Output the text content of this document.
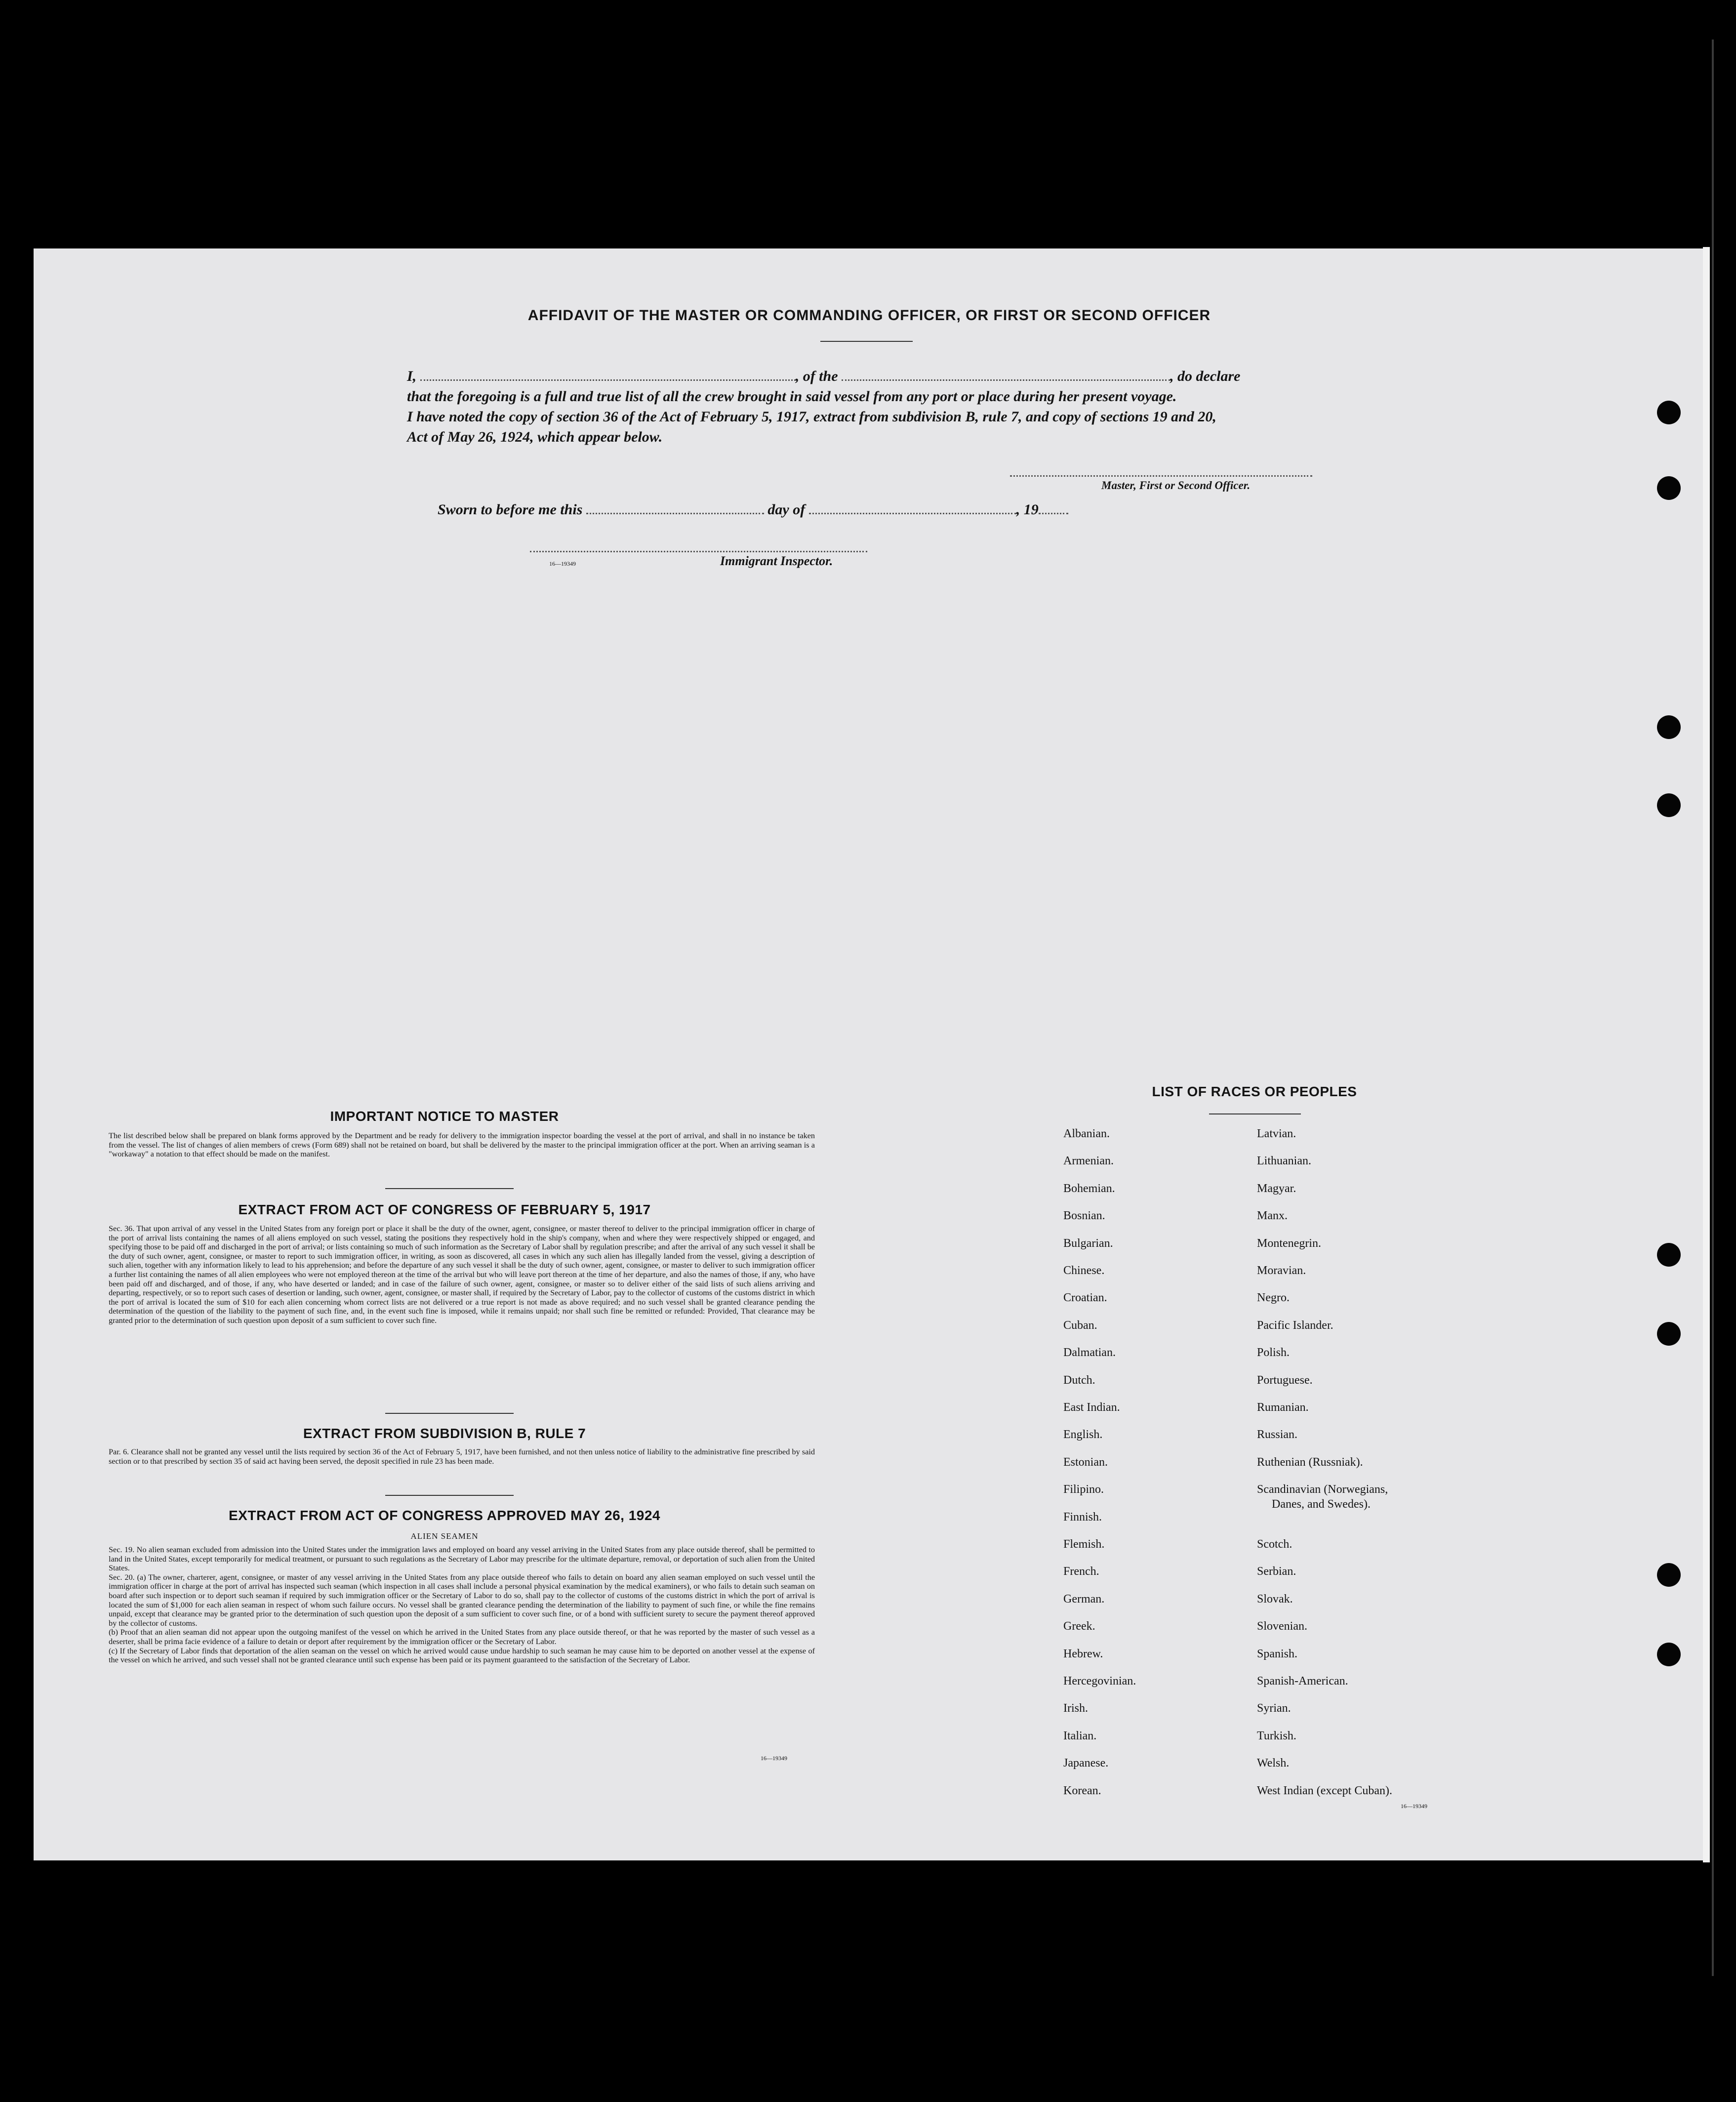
AFFIDAVIT OF THE MASTER OR COMMANDING OFFICER, OR FIRST OR SECOND OFFICER
I,	, of the	, do declare
that the foregoing is a full and true list of all the crew brought in said vessel from any port or place during her present voyage.
I have noted the copy of section 36 of the Act of February 5, 1917, extract from subdivision B, rule 7, and copy of sections 19 and 20,
Act of May 26, 1924, which appear below.
Master, First or Second Officer.
Sworn to before me this	day of	, 19
16—19349	Immigrant Inspector.
IMPORTANT NOTICE TO MASTER
The list described below shall be prepared on blank forms approved by the Department and be ready for delivery to the immigration inspector boarding the vessel at the port of arrival, and shall in no instance be taken from the vessel. The list of changes of alien members of crews (Form 689) shall not be retained on board, but shall be delivered by the master to the principal immigration officer at the port. When an arriving seaman is a "workaway" a notation to that effect should be made on the manifest.
EXTRACT FROM ACT OF CONGRESS OF FEBRUARY 5, 1917
Sec. 36. That upon arrival of any vessel in the United States from any foreign port or place it shall be the duty of the owner, agent, consignee, or master thereof to deliver to the principal immigration officer in charge of the port of arrival lists containing the names of all aliens employed on such vessel, stating the positions they respectively hold in the ship's company, when and where they were respectively shipped or engaged, and specifying those to be paid off and discharged in the port of arrival; or lists containing so much of such information as the Secretary of Labor shall by regulation prescribe; and after the arrival of any such vessel it shall be the duty of such owner, agent, consignee, or master to report to such immigration officer, in writing, as soon as discovered, all cases in which any such alien has illegally landed from the vessel, giving a description of such alien, together with any information likely to lead to his apprehension; and before the departure of any such vessel it shall be the duty of such owner, agent, consignee, or master to deliver to such immigration officer a further list containing the names of all alien employees who were not employed thereon at the time of the arrival but who will leave port thereon at the time of her departure, and also the names of those, if any, who have been paid off and discharged, and of those, if any, who have deserted or landed; and in case of the failure of such owner, agent, consignee, or master so to deliver either of the said lists of such aliens arriving and departing, respectively, or so to report such cases of desertion or landing, such owner, agent, consignee, or master shall, if required by the Secretary of Labor, pay to the collector of customs of the customs district in which the port of arrival is located the sum of $10 for each alien concerning whom correct lists are not delivered or a true report is not made as above required; and no such vessel shall be granted clearance pending the determination of the question of the liability to the payment of such fine, and, in the event such fine is imposed, while it remains unpaid; nor shall such fine be remitted or refunded: Provided, That clearance may be granted prior to the determination of such question upon deposit of a sum sufficient to cover such fine.
EXTRACT FROM SUBDIVISION B, RULE 7
Par. 6. Clearance shall not be granted any vessel until the lists required by section 36 of the Act of February 5, 1917, have been furnished, and not then unless notice of liability to the administrative fine prescribed by said section or to that prescribed by section 35 of said act having been served, the deposit specified in rule 23 has been made.
EXTRACT FROM ACT OF CONGRESS APPROVED MAY 26, 1924
ALIEN SEAMEN
Sec. 19. No alien seaman excluded from admission into the United States under the immigration laws and employed on board any vessel arriving in the United States from any place outside thereof, shall be permitted to land in the United States, except temporarily for medical treatment, or pursuant to such regulations as the Secretary of Labor may prescribe for the ultimate departure, removal, or deportation of such alien from the United States.
Sec. 20. (a) The owner, charterer, agent, consignee, or master of any vessel arriving in the United States from any place outside thereof who fails to detain on board any alien seaman employed on such vessel until the immigration officer in charge at the port of arrival has inspected such seaman (which inspection in all cases shall include a personal physical examination by the medical examiners), or who fails to detain such seaman on board after such inspection or to deport such seaman if required by such immigration officer or the Secretary of Labor to do so, shall pay to the collector of customs of the customs district in which the port of arrival is located the sum of $1,000 for each alien seaman in respect of whom such failure occurs. No vessel shall be granted clearance pending the determination of the liability to payment of such fine, or while the fine remains unpaid, except that clearance may be granted prior to the determination of such question upon the deposit of a sum sufficient to cover such fine, or of a bond with sufficient surety to secure the payment thereof approved by the collector of customs.
(b) Proof that an alien seaman did not appear upon the outgoing manifest of the vessel on which he arrived in the United States from any place outside thereof, or that he was reported by the master of such vessel as a deserter, shall be prima facie evidence of a failure to detain or deport after requirement by the immigration officer or the Secretary of Labor.
(c) If the Secretary of Labor finds that deportation of the alien seaman on the vessel on which he arrived would cause undue hardship to such seaman he may cause him to be deported on another vessel at the expense of the vessel on which he arrived, and such vessel shall not be granted clearance until such expense has been paid or its payment guaranteed to the satisfaction of the Secretary of Labor.
16—19349
LIST OF RACES OR PEOPLES
Albanian.
Armenian.
Bohemian.
Bosnian.
Bulgarian.
Chinese.
Croatian.
Cuban.
Dalmatian.
Dutch.
East Indian.
English.
Estonian.
Filipino.
Finnish.
Flemish.
French.
German.
Greek.
Hebrew.
Hercegovinian.
Irish.
Italian.
Japanese.
Korean.
Latvian.
Lithuanian.
Magyar.
Manx.
Montenegrin.
Moravian.
Negro.
Pacific Islander.
Polish.
Portuguese.
Rumanian.
Russian.
Ruthenian (Russniak).
Scandinavian (Norwegians,
Danes, and Swedes).
Scotch.
Serbian.
Slovak.
Slovenian.
Spanish.
Spanish-American.
Syrian.
Turkish.
Welsh.
West Indian (except Cuban).
16—19349
